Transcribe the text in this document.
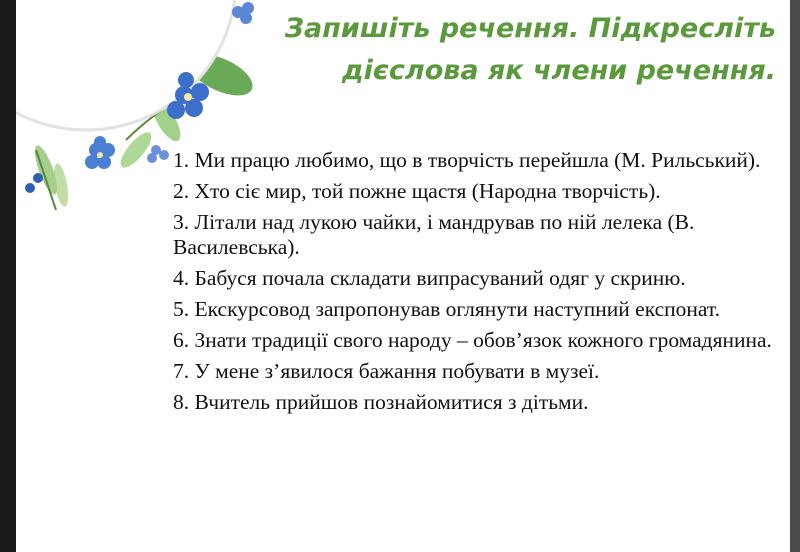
Запишіть речення. Підкресліть
дієслова як члени речення.
1. Ми працю любимо, що в творчість перейшла (М. Рильський).
2. Хто сіє мир, той пожне щастя (Народна творчість).
3. Літали над лукою чайки, і мандрував по ній лелека (В. Василевська).
4. Бабуся почала складати випрасуваний одяг у скриню.
5. Екскурсовод запропонував оглянути наступний експонат.
6. Знати традиції свого народу – обов’язок кожного громадянина.
7. У мене з’явилося бажання побувати в музеї.
8. Вчитель прийшов познайомитися з дітьми.
